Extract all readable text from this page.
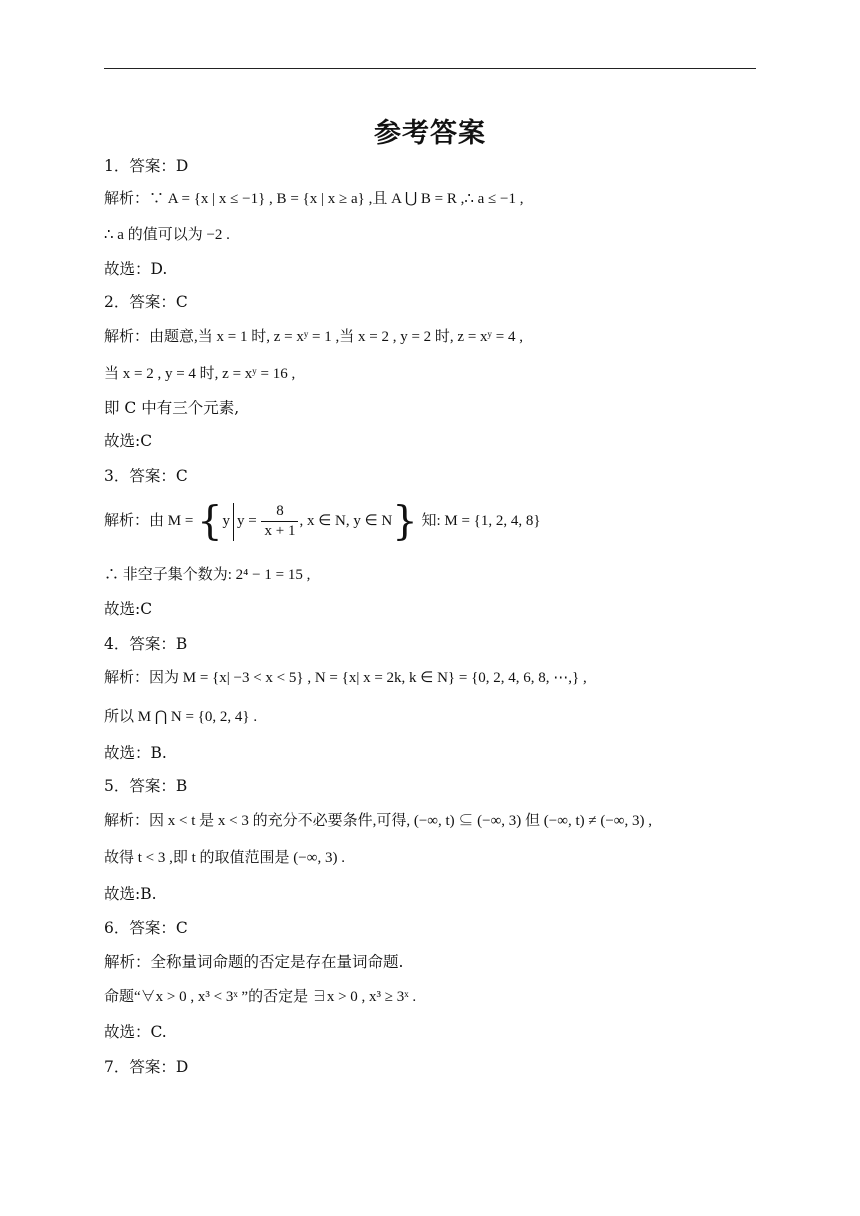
参考答案
1．答案：D
解析：∵ A = {x | x ≤ −1} , B = {x | x ≥ a} ,且 A ⋃ B = R ,∴ a ≤ −1 ,
∴ a 的值可以为 −2 .
故选：D.
2．答案：C
解析：由题意,当 x = 1 时, z = xʸ = 1 ,当 x = 2 , y = 2 时, z = xʸ = 4 ,
当 x = 2 , y = 4 时, z = xʸ = 16 ,
即 C 中有三个元素,
故选:C
3．答案：C
解析：由 M = {y $y = \frac{8}{x + 1}$ , x ∈ N, y ∈ N} 知: M = {1, 2, 4, 8}
∴ 非空子集个数为: 2⁴ − 1 = 15 ,
故选:C
4．答案：B
解析：因为 M = {x| −3 < x < 5} , N = {x| x = 2k, k ∈ N} = {0, 2, 4, 6, 8, ⋯,} ,
所以 M ⋂ N = {0, 2, 4} .
故选：B.
5．答案：B
解析：因 x < t 是 x < 3 的充分不必要条件,可得, (−∞, t) ⊆ (−∞, 3) 但 (−∞, t) ≠ (−∞, 3) ,
故得 t < 3 ,即 t 的取值范围是 (−∞, 3) .
故选:B.
6．答案：C
解析：全称量词命题的否定是存在量词命题.
命题“∀x > 0 , x³ < 3ˣ ”的否定是 ∃x > 0 , x³ ≥ 3ˣ .
故选：C.
7．答案：D
